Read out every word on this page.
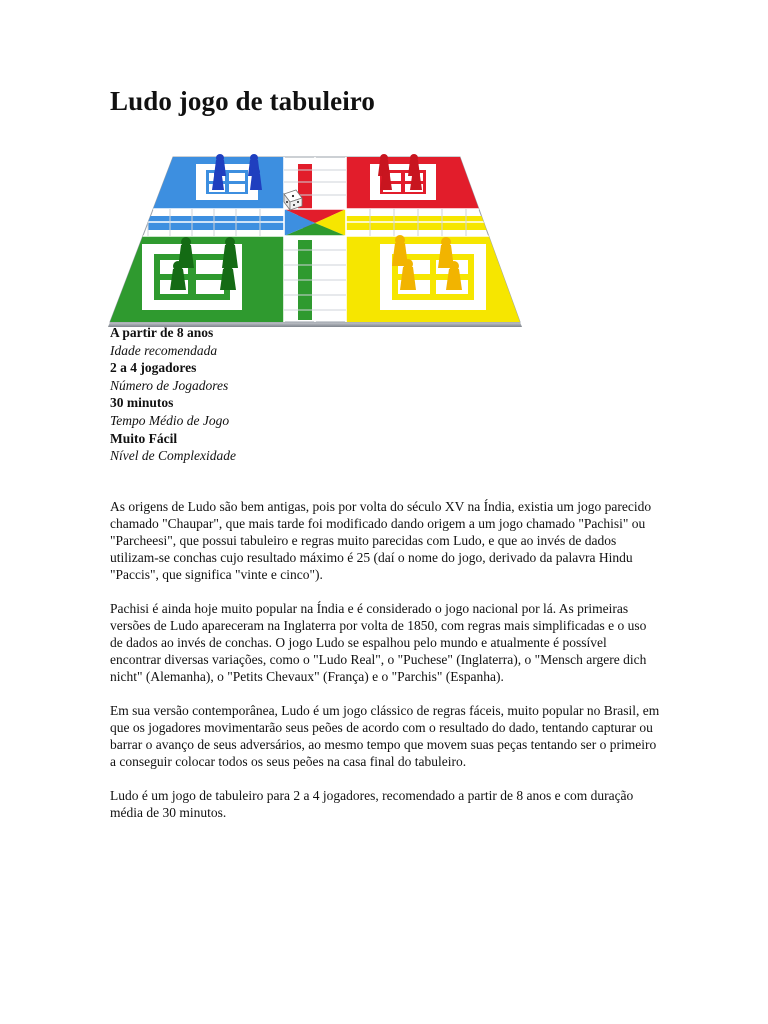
Ludo jogo de tabuleiro
A partir de 8 anos
Idade recomendada
2 a 4 jogadores
Número de Jogadores
30 minutos
Tempo Médio de Jogo
Muito Fácil
Nível de Complexidade

As origens de Ludo são bem antigas, pois por volta do século XV na Índia, existia um jogo parecido chamado "Chaupar", que mais tarde foi modificado dando origem a um jogo chamado "Pachisi" ou "Parcheesi", que possui tabuleiro e regras muito parecidas com Ludo, e que ao invés de dados utilizam-se conchas cujo resultado máximo é 25 (daí o nome do jogo, derivado da palavra Hindu "Paccis", que significa "vinte e cinco").

Pachisi é ainda hoje muito popular na Índia e é considerado o jogo nacional por lá. As primeiras versões de Ludo apareceram na Inglaterra por volta de 1850, com regras mais simplificadas e o uso de dados ao invés de conchas. O jogo Ludo se espalhou pelo mundo e atualmente é possível encontrar diversas variações, como o "Ludo Real", o "Puchese" (Inglaterra), o "Mensch argere dich nicht" (Alemanha), o "Petits Chevaux" (França) e o "Parchis" (Espanha).

Em sua versão contemporânea, Ludo é um jogo clássico de regras fáceis, muito popular no Brasil, em que os jogadores movimentarão seus peões de acordo com o resultado do dado, tentando capturar ou barrar o avanço de seus adversários, ao mesmo tempo que movem suas peças tentando ser o primeiro a conseguir colocar todos os seus peões na casa final do tabuleiro.

Ludo é um jogo de tabuleiro para 2 a 4 jogadores, recomendado a partir de 8 anos e com duração média de 30 minutos.
